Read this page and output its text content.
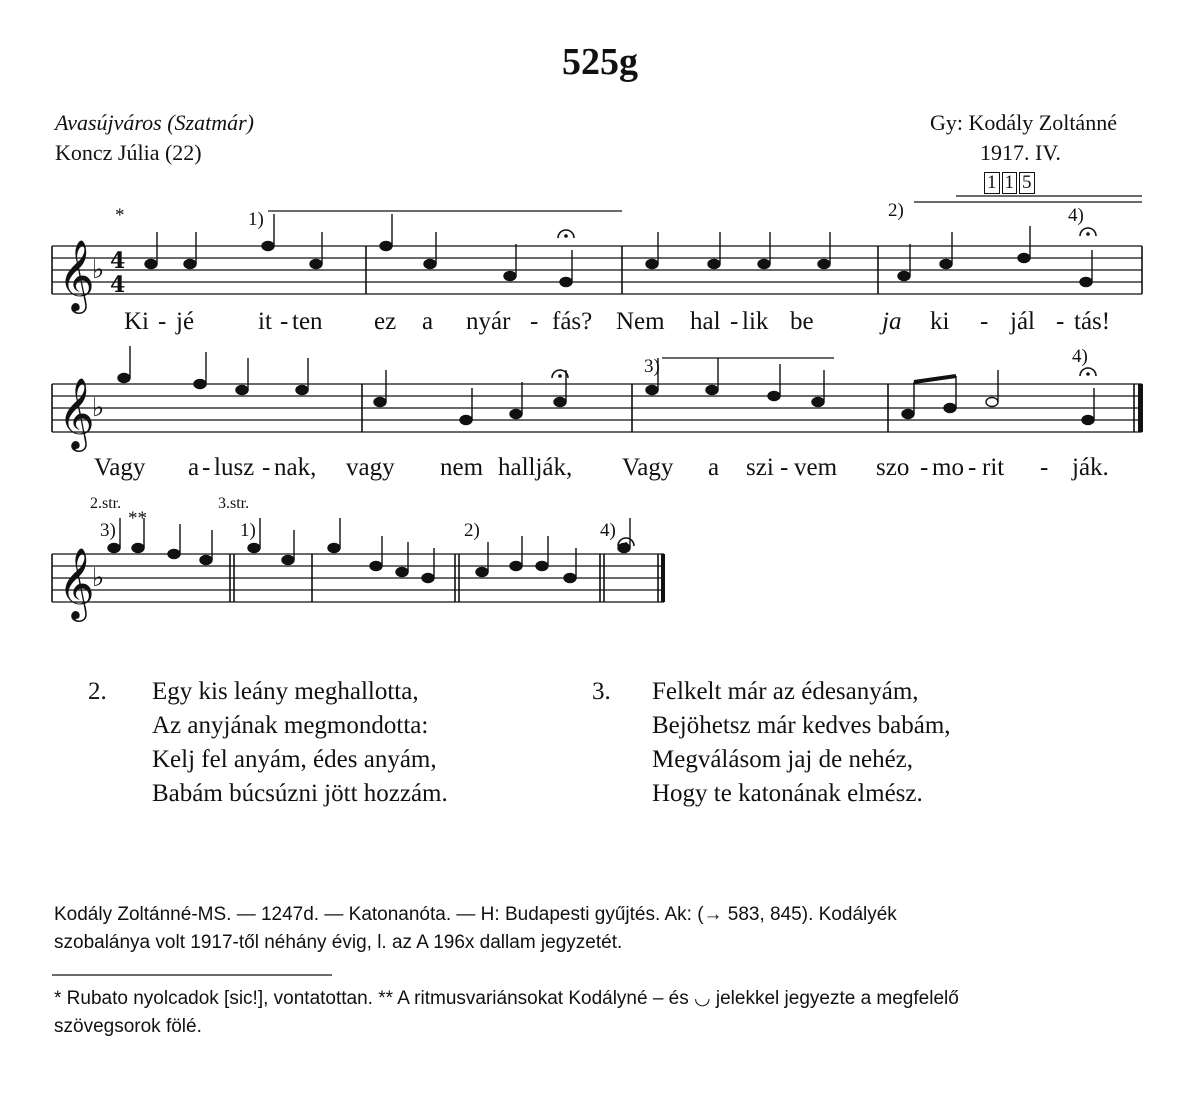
525g
Avasújváros (Szatmár)
Koncz Júlia (22)
Gy: Kodály Zoltánné
1917. IV.
1 1 5
𝄞
𝄞
𝄞
♭
♭
♭
4
4
*	1)	2)	4)
3)	4)
2.str.	3.str.
3)
**
1)	2)	4)
Ki - jé	it - ten ez a nyár - fás? Nem hal - lik be	ja ki - jál - tás!
Vagy a - lusz - nak, vagy nem hallják, Vagy a szi - vem szo - mo - rit - ják.
2. Egy kis leány meghallotta,
Az anyjának megmondotta:
Kelj fel anyám, édes anyám,
Babám búcsúzni jött hozzám.
3. Felkelt már az édesanyám,
Bejöhetsz már kedves babám,
Megválásom jaj de nehéz,
Hogy te katonának elmész.
Kodály Zoltánné-MS. — 1247d. — Katonanóta. — H: Budapesti gyűjtés. Ak: (→ 583, 845). Kodályék
szobalánya volt 1917-től néhány évig, l. az A 196x dallam jegyzetét.
* Rubato nyolcadok [sic!], vontatottan. ** A ritmusvariánsokat Kodályné – és ◡ jelekkel jegyezte a megfelelő
szövegsorok fölé.
